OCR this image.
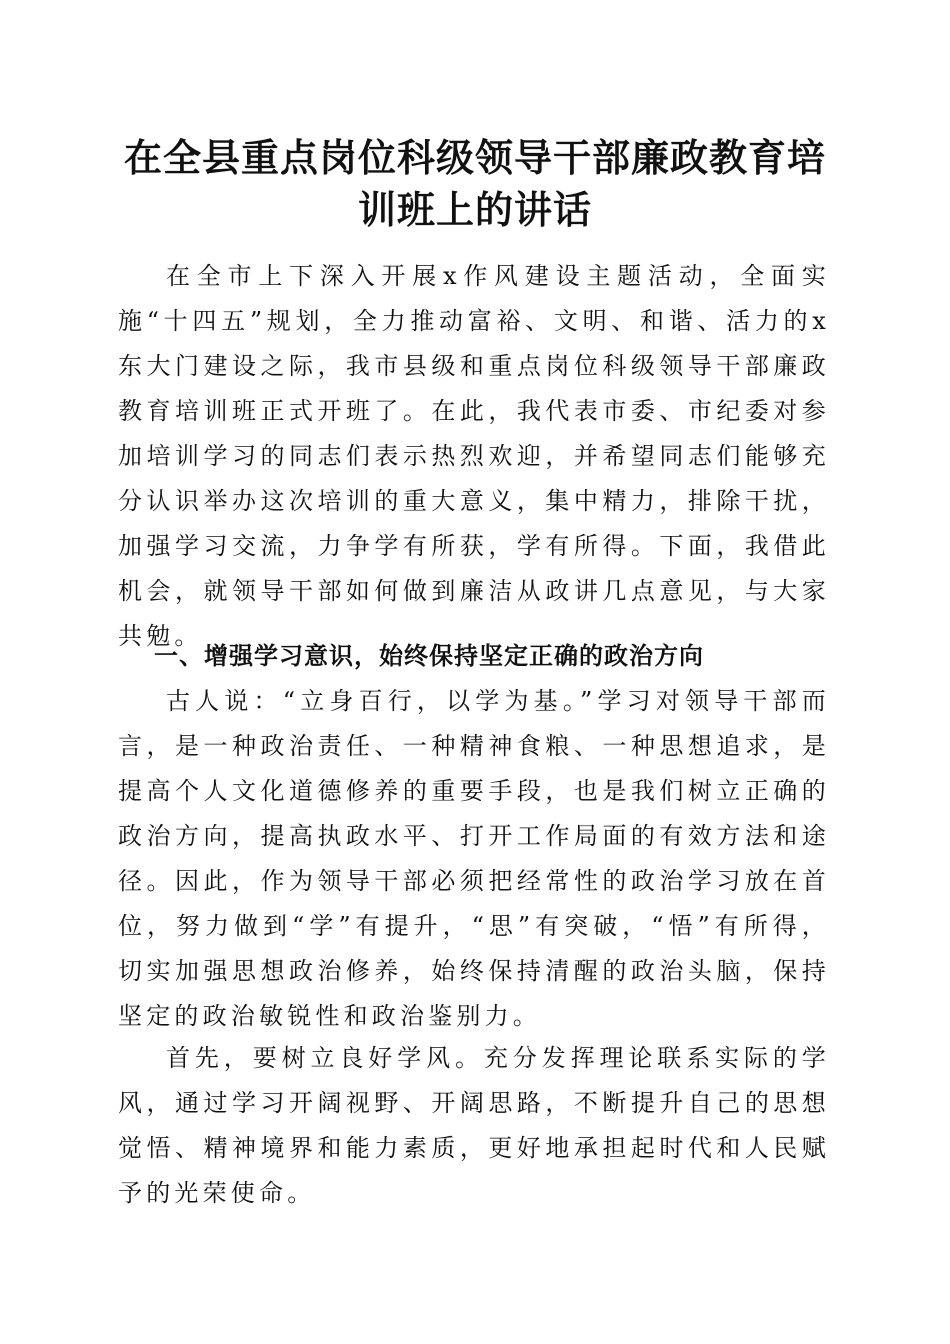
在全县重点岗位科级领导干部廉政教育培训班上的讲话

在全市上下深入开展x作风建设主题活动，全面实施“十四五”规划，全力推动富裕、文明、和谐、活力的x东大门建设之际，我市县级和重点岗位科级领导干部廉政教育培训班正式开班了。在此，我代表市委、市纪委对参加培训学习的同志们表示热烈欢迎，并希望同志们能够充分认识举办这次培训的重大意义，集中精力，排除干扰，加强学习交流，力争学有所获，学有所得。下面，我借此机会，就领导干部如何做到廉洁从政讲几点意见，与大家共勉。

一、增强学习意识，始终保持坚定正确的政治方向

古人说：“立身百行，以学为基。”学习对领导干部而言，是一种政治责任、一种精神食粮、一种思想追求，是提高个人文化道德修养的重要手段，也是我们树立正确的政治方向，提高执政水平、打开工作局面的有效方法和途径。因此，作为领导干部必须把经常性的政治学习放在首位，努力做到“学”有提升，“思”有突破，“悟”有所得，切实加强思想政治修养，始终保持清醒的政治头脑，保持坚定的政治敏锐性和政治鉴别力。

首先，要树立良好学风。充分发挥理论联系实际的学风，通过学习开阔视野、开阔思路，不断提升自己的思想觉悟、精神境界和能力素质，更好地承担起时代和人民赋予的光荣使命。
